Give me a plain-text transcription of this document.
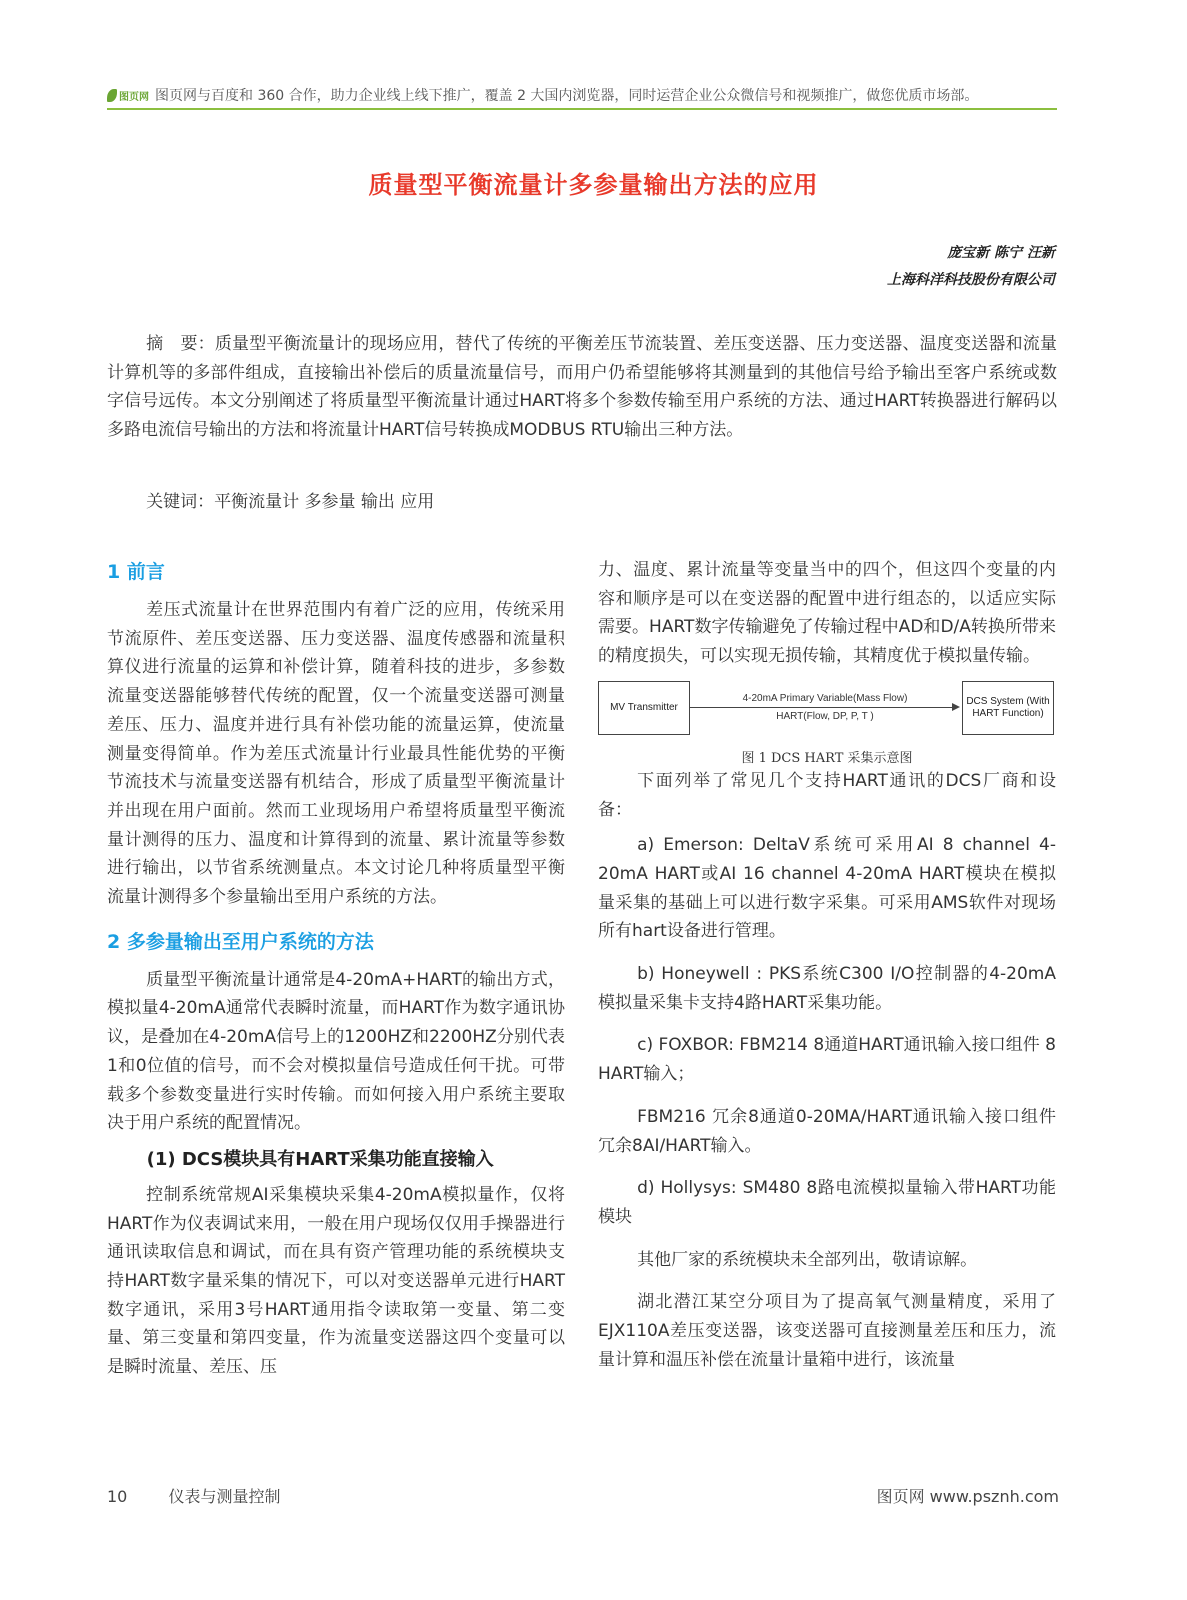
图页网 图页网与百度和 360 合作，助力企业线上线下推广，覆盖 2 大国内浏览器，同时运营企业公众微信号和视频推广，做您优质市场部。
质量型平衡流量计多参量输出方法的应用
庞宝新 陈宁 汪新
上海科洋科技股份有限公司

摘　要：质量型平衡流量计的现场应用，替代了传统的平衡差压节流装置、差压变送器、压力变送器、温度变送器和流量计算机等的多部件组成，直接输出补偿后的质量流量信号，而用户仍希望能够将其测量到的其他信号给予输出至客户系统或数字信号远传。本文分别阐述了将质量型平衡流量计通过HART将多个参数传输至用户系统的方法、通过HART转换器进行解码以多路电流信号输出的方法和将流量计HART信号转换成MODBUS RTU输出三种方法。

关键词：平衡流量计 多参量 输出 应用

1 前言

差压式流量计在世界范围内有着广泛的应用，传统采用节流原件、差压变送器、压力变送器、温度传感器和流量积算仪进行流量的运算和补偿计算，随着科技的进步，多参数流量变送器能够替代传统的配置，仅一个流量变送器可测量差压、压力、温度并进行具有补偿功能的流量运算，使流量测量变得简单。作为差压式流量计行业最具性能优势的平衡节流技术与流量变送器有机结合，形成了质量型平衡流量计并出现在用户面前。然而工业现场用户希望将质量型平衡流量计测得的压力、温度和计算得到的流量、累计流量等参数进行输出，以节省系统测量点。本文讨论几种将质量型平衡流量计测得多个参量输出至用户系统的方法。

2 多参量输出至用户系统的方法

质量型平衡流量计通常是4-20mA+HART的输出方式，模拟量4-20mA通常代表瞬时流量，而HART作为数字通讯协议，是叠加在4-20mA信号上的1200HZ和2200HZ分别代表1和0位值的信号，而不会对模拟量信号造成任何干扰。可带载多个参数变量进行实时传输。而如何接入用户系统主要取决于用户系统的配置情况。

(1) DCS模块具有HART采集功能直接输入

控制系统常规AI采集模块采集4-20mA模拟量作，仅将HART作为仪表调试来用，一般在用户现场仅仅用手操器进行通讯读取信息和调试，而在具有资产管理功能的系统模块支持HART数字量采集的情况下，可以对变送器单元进行HART数字通讯，采用3号HART通用指令读取第一变量、第二变量、第三变量和第四变量，作为流量变送器这四个变量可以是瞬时流量、差压、压

力、温度、累计流量等变量当中的四个，但这四个变量的内容和顺序是可以在变送器的配置中进行组态的，以适应实际需要。HART数字传输避免了传输过程中AD和D/A转换所带来的精度损失，可以实现无损传输，其精度优于模拟量传输。

MV Transmitter
4-20mA Primary Variable(Mass Flow)
HART(Flow, DP, P, T )
DCS System (With HART Function)
图 1 DCS HART 采集示意图

下面列举了常见几个支持HART通讯的DCS厂商和设备：

a) Emerson: DeltaV系统可采用AI 8 channel 4-20mA HART或AI 16 channel 4-20mA HART模块在模拟量采集的基础上可以进行数字采集。可采用AMS软件对现场所有hart设备进行管理。

b) Honeywell : PKS系统C300 I/O控制器的4-20mA模拟量采集卡支持4路HART采集功能。

c) FOXBOR: FBM214 8通道HART通讯输入接口组件 8 HART输入；

FBM216 冗余8通道0-20MA/HART通讯输入接口组件 冗余8AI/HART输入。

d) Hollysys: SM480 8路电流模拟量输入带HART功能模块

其他厂家的系统模块未全部列出，敬请谅解。

湖北潜江某空分项目为了提高氧气测量精度，采用了EJX110A差压变送器，该变送器可直接测量差压和压力，流量计算和温压补偿在流量计量箱中进行，该流量

10	仪表与测量控制	图页网 www.psznh.com
